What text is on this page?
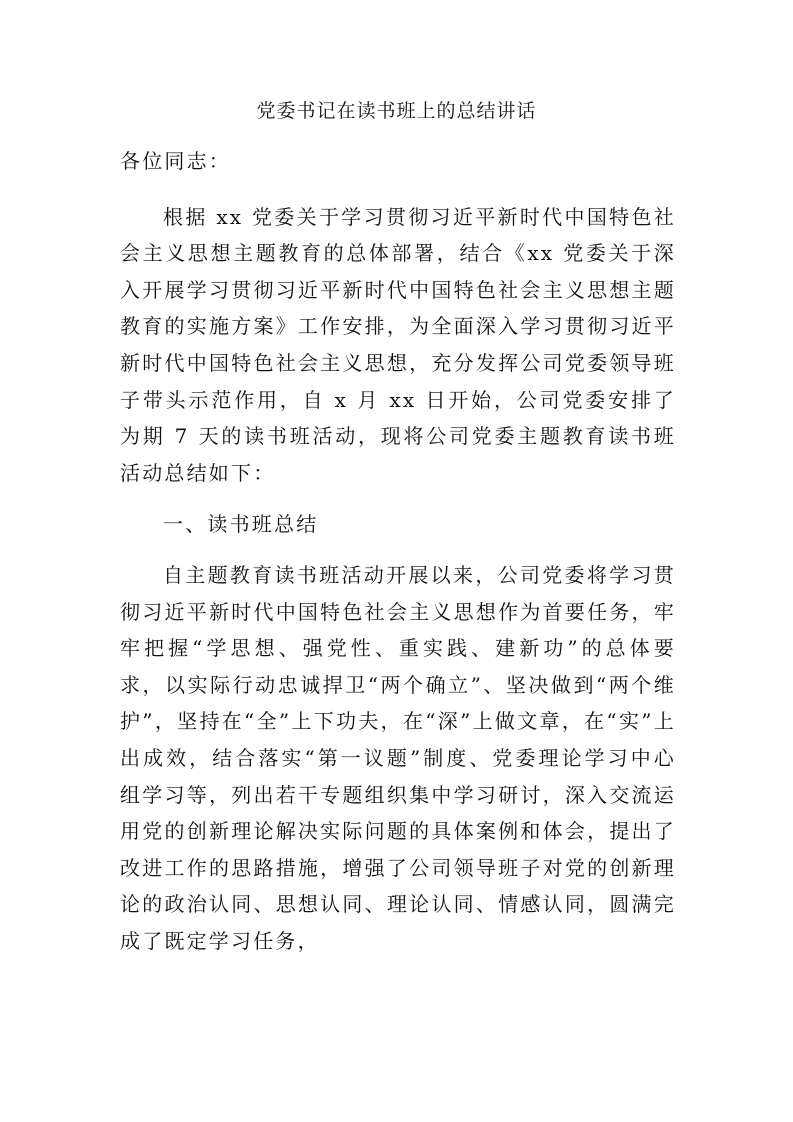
党委书记在读书班上的总结讲话

各位同志：

根据 xx 党委关于学习贯彻习近平新时代中国特色社会主义思想主题教育的总体部署，结合《xx 党委关于深入开展学习贯彻习近平新时代中国特色社会主义思想主题教育的实施方案》工作安排，为全面深入学习贯彻习近平新时代中国特色社会主义思想，充分发挥公司党委领导班子带头示范作用，自 x 月 xx 日开始，公司党委安排了为期 7 天的读书班活动，现将公司党委主题教育读书班活动总结如下：

一、读书班总结

自主题教育读书班活动开展以来，公司党委将学习贯彻习近平新时代中国特色社会主义思想作为首要任务，牢牢把握“学思想、强党性、重实践、建新功”的总体要求，以实际行动忠诚捍卫“两个确立”、坚决做到“两个维护”，坚持在“全”上下功夫，在“深”上做文章，在“实”上出成效，结合落实“第一议题”制度、党委理论学习中心组学习等，列出若干专题组织集中学习研讨，深入交流运用党的创新理论解决实际问题的具体案例和体会，提出了改进工作的思路措施，增强了公司领导班子对党的创新理论的政治认同、思想认同、理论认同、情感认同，圆满完成了既定学习任务，
